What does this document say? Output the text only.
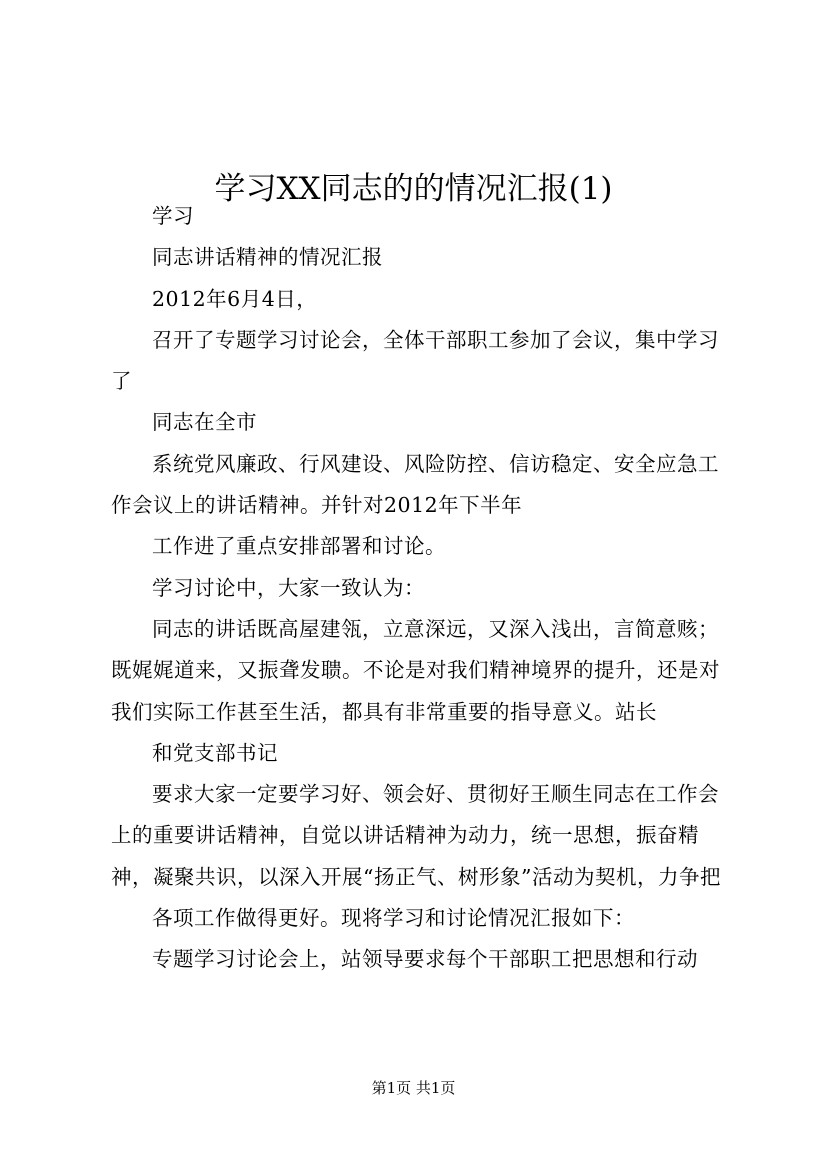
学习XX同志的的情况汇报(1)

学习

同志讲话精神的情况汇报

2012年6月4日，

召开了专题学习讨论会，全体干部职工参加了会议，集中学习了

同志在全市

系统党风廉政、行风建设、风险防控、信访稳定、安全应急工作会议上的讲话精神。并针对2012年下半年

工作进了重点安排部署和讨论。

学习讨论中，大家一致认为：

同志的讲话既高屋建瓴，立意深远，又深入浅出，言简意赅；既娓娓道来，又振聋发聩。不论是对我们精神境界的提升，还是对我们实际工作甚至生活，都具有非常重要的指导意义。站长

和党支部书记

要求大家一定要学习好、领会好、贯彻好王顺生同志在工作会上的重要讲话精神，自觉以讲话精神为动力，统一思想，振奋精神，凝聚共识，以深入开展“扬正气、树形象”活动为契机，力争把

各项工作做得更好。现将学习和讨论情况汇报如下：

专题学习讨论会上，站领导要求每个干部职工把思想和行动

第1页 共1页
